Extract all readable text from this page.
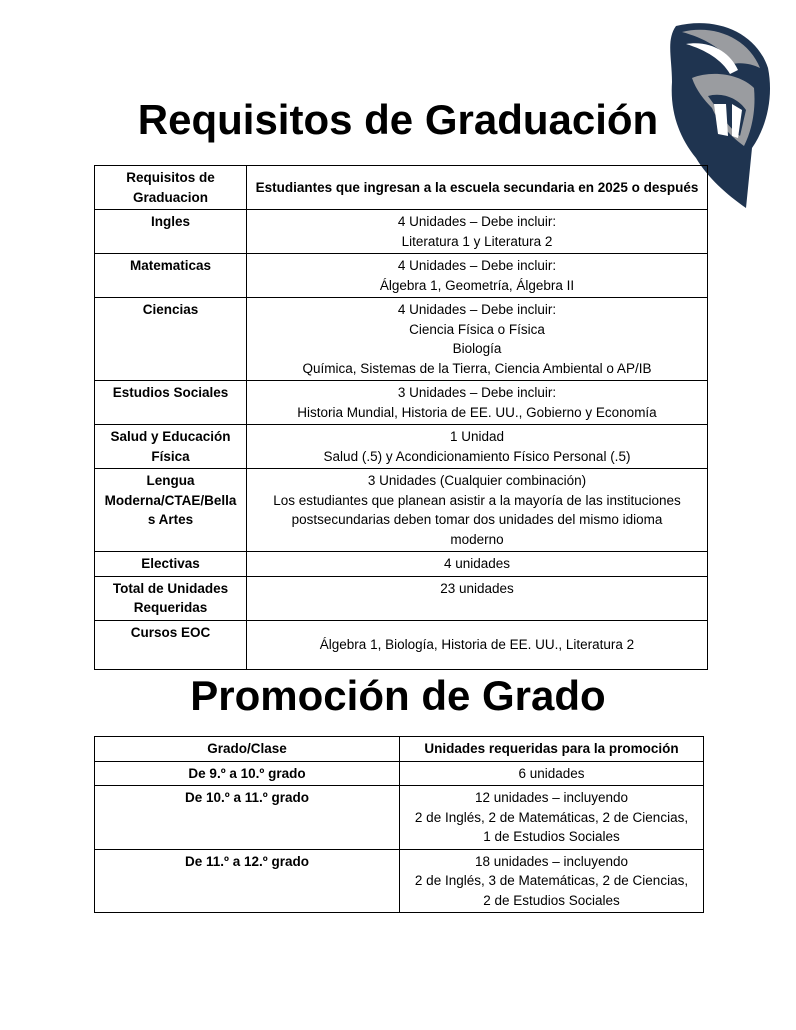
Requisitos de Graduación
Requisitos de
Graduacion	Estudiantes que ingresan a la escuela secundaria en 2025 o después

Ingles	4 Unidades – Debe incluir:
Literatura 1 y Literatura 2

Matematicas	4 Unidades – Debe incluir:
Álgebra 1, Geometría, Álgebra II

Ciencias	4 Unidades – Debe incluir:
Ciencia Física o Física
Biología
Química, Sistemas de la Tierra, Ciencia Ambiental o AP/IB

Estudios Sociales	3 Unidades – Debe incluir:
Historia Mundial, Historia de EE. UU., Gobierno y Economía

Salud y Educación
Física	1 Unidad
Salud (.5) y Acondicionamiento Físico Personal (.5)

Lengua
Moderna/CTAE/Bella
s Artes	3 Unidades (Cualquier combinación)
Los estudiantes que planean asistir a la mayoría de las instituciones
postsecundarias deben tomar dos unidades del mismo idioma
moderno

Electivas	4 unidades

Total de Unidades
Requeridas	23 unidades

Cursos EOC	Álgebra 1, Biología, Historia de EE. UU., Literatura 2
Promoción de Grado
Grado/Clase	Unidades requeridas para la promoción
De 9.º a 10.º grado	6 unidades

De 10.º a 11.º grado	12 unidades – incluyendo
2 de Inglés, 2 de Matemáticas, 2 de Ciencias,
1 de Estudios Sociales

De 11.º a 12.º grado	18 unidades – incluyendo
2 de Inglés, 3 de Matemáticas, 2 de Ciencias,
2 de Estudios Sociales
